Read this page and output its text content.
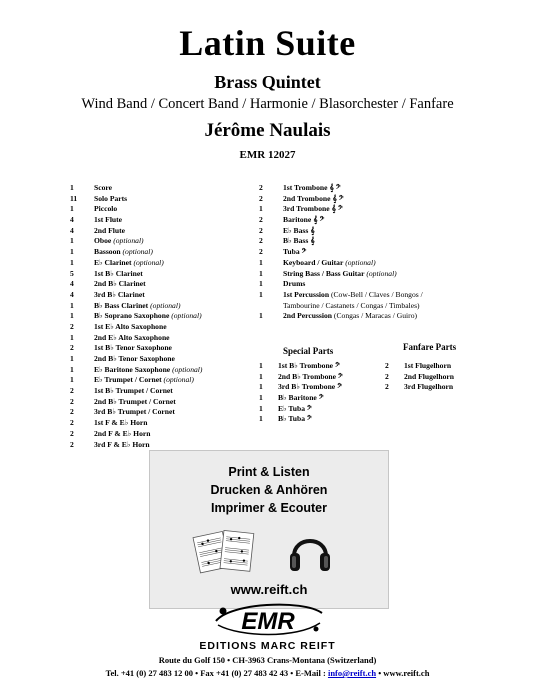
Latin Suite
Brass Quintet
Wind Band / Concert Band / Harmonie / Blasorchester / Fanfare
Jérôme Naulais
EMR 12027
1	Score
11	Solo Parts
1	Piccolo
4	1st Flute
4	2nd Flute
1	Oboe (optional)
1	Bassoon (optional)
1	E♭ Clarinet (optional)
5	1st B♭ Clarinet
4	2nd B♭ Clarinet
4	3rd B♭ Clarinet
1	B♭ Bass Clarinet (optional)
1	B♭ Soprano Saxophone (optional)
2	1st E♭ Alto Saxophone
1	2nd E♭ Alto Saxophone
2	1st B♭ Tenor Saxophone
1	2nd B♭ Tenor Saxophone
1	E♭ Baritone Saxophone (optional)
1	E♭ Trumpet / Cornet (optional)
2	1st B♭ Trumpet / Cornet
2	2nd B♭ Trumpet / Cornet
2	3rd B♭ Trumpet / Cornet
2	1st F & E♭ Horn
2	2nd F & E♭ Horn
2	3rd F & E♭ Horn
2	1st Trombone 𝄞 𝄢
2	2nd Trombone 𝄞 𝄢
1	3rd Trombone 𝄞 𝄢
2	Baritone 𝄞 𝄢
2	E♭ Bass 𝄞
2	B♭ Bass 𝄞
2	Tuba 𝄢
1	Keyboard / Guitar (optional)
1	String Bass / Bass Guitar (optional)
1	Drums
1	1st Percussion (Cow-Bell / Claves / Bongos /
Tambourine / Castanets / Congas / Timbales)
1	2nd Percussion (Congas / Maracas / Guiro)
Special Parts
1	1st B♭ Trombone 𝄢
1	2nd B♭ Trombone 𝄢
1	3rd B♭ Trombone 𝄢
1	B♭ Baritone 𝄢
1	E♭ Tuba 𝄢
1	B♭ Tuba 𝄢
Fanfare Parts
2	1st Flugelhorn
2	2nd Flugelhorn
2	3rd Flugelhorn
Print & Listen
Drucken & Anhören
Imprimer & Ecouter
www.reift.ch
EMR
EDITIONS MARC REIFT
Route du Golf 150 • CH-3963 Crans-Montana (Switzerland)
Tel. +41 (0) 27 483 12 00 • Fax +41 (0) 27 483 42 43 • E-Mail : info@reift.ch • www.reift.ch
